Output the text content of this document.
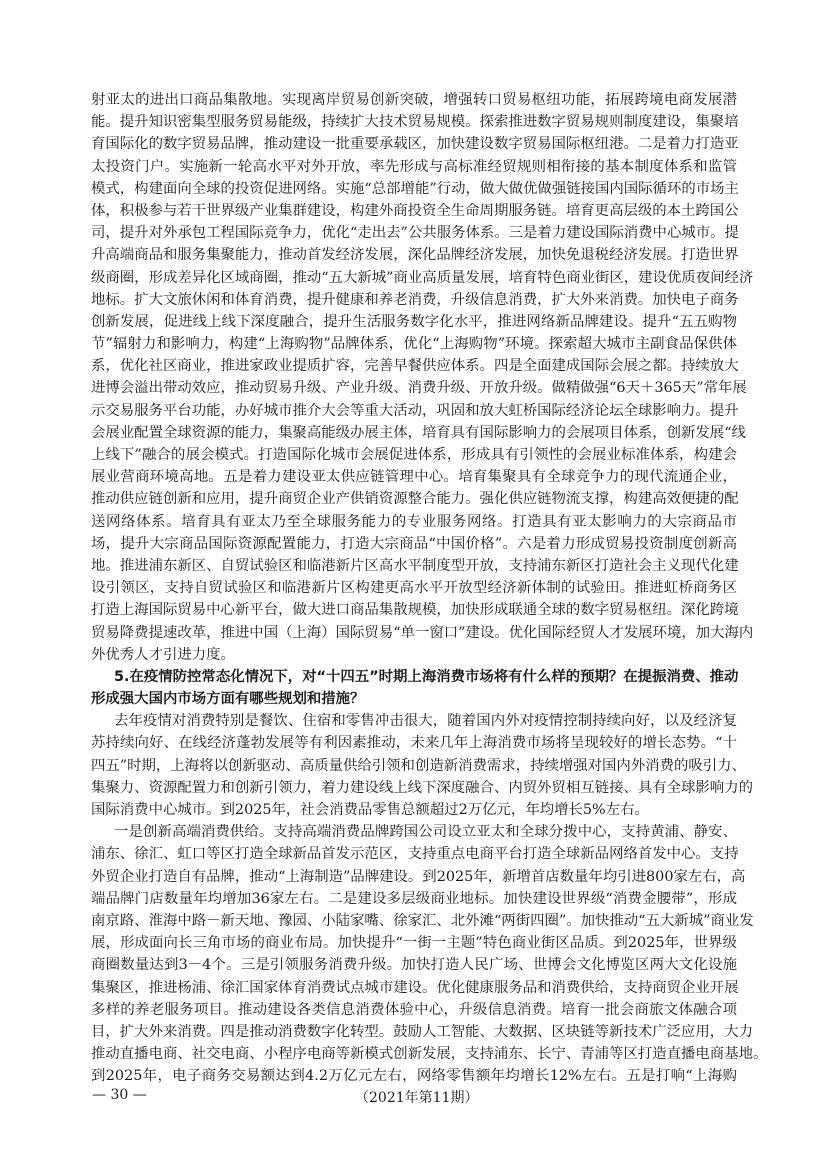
射亚太的进出口商品集散地。实现离岸贸易创新突破，增强转口贸易枢纽功能，拓展跨境电商发展潜
能。提升知识密集型服务贸易能级，持续扩大技术贸易规模。探索推进数字贸易规则制度建设，集聚培
育国际化的数字贸易品牌，推动建设一批重要承载区，加快建设数字贸易国际枢纽港。二是着力打造亚
太投资门户。实施新一轮高水平对外开放，率先形成与高标准经贸规则相衔接的基本制度体系和监管
模式，构建面向全球的投资促进网络。实施“总部增能”行动，做大做优做强链接国内国际循环的市场主
体，积极参与若干世界级产业集群建设，构建外商投资全生命周期服务链。培育更高层级的本土跨国公
司，提升对外承包工程国际竞争力，优化“走出去”公共服务体系。三是着力建设国际消费中心城市。提
升高端商品和服务集聚能力，推动首发经济发展，深化品牌经济发展，加快免退税经济发展。打造世界
级商圈，形成差异化区域商圈，推动“五大新城”商业高质量发展，培育特色商业街区，建设优质夜间经济
地标。扩大文旅休闲和体育消费，提升健康和养老消费，升级信息消费，扩大外来消费。加快电子商务
创新发展，促进线上线下深度融合，提升生活服务数字化水平，推进网络新品牌建设。提升“五五购物
节”辐射力和影响力，构建“上海购物”品牌体系，优化“上海购物”环境。探索超大城市主副食品保供体
系，优化社区商业，推进家政业提质扩容，完善早餐供应体系。四是全面建成国际会展之都。持续放大
进博会溢出带动效应，推动贸易升级、产业升级、消费升级、开放升级。做精做强“6天＋365天”常年展
示交易服务平台功能，办好城市推介大会等重大活动，巩固和放大虹桥国际经济论坛全球影响力。提升
会展业配置全球资源的能力，集聚高能级办展主体，培育具有国际影响力的会展项目体系，创新发展“线
上线下”融合的展会模式。打造国际化城市会展促进体系，形成具有引领性的会展业标准体系，构建会
展业营商环境高地。五是着力建设亚太供应链管理中心。培育集聚具有全球竞争力的现代流通企业，
推动供应链创新和应用，提升商贸企业产供销资源整合能力。强化供应链物流支撑，构建高效便捷的配
送网络体系。培育具有亚太乃至全球服务能力的专业服务网络。打造具有亚太影响力的大宗商品市
场，提升大宗商品国际资源配置能力，打造大宗商品“中国价格”。六是着力形成贸易投资制度创新高
地。推进浦东新区、自贸试验区和临港新片区高水平制度型开放，支持浦东新区打造社会主义现代化建
设引领区，支持自贸试验区和临港新片区构建更高水平开放型经济新体制的试验田。推进虹桥商务区
打造上海国际贸易中心新平台，做大进口商品集散规模，加快形成联通全球的数字贸易枢纽。深化跨境
贸易降费提速改革，推进中国（上海）国际贸易“单一窗口”建设。优化国际经贸人才发展环境，加大海内
外优秀人才引进力度。
5.在疫情防控常态化情况下，对“十四五”时期上海消费市场将有什么样的预期？在提振消费、推动
形成强大国内市场方面有哪些规划和措施？
去年疫情对消费特别是餐饮、住宿和零售冲击很大，随着国内外对疫情控制持续向好，以及经济复
苏持续向好、在线经济蓬勃发展等有利因素推动，未来几年上海消费市场将呈现较好的增长态势。“十
四五”时期，上海将以创新驱动、高质量供给引领和创造新消费需求，持续增强对国内外消费的吸引力、
集聚力、资源配置力和创新引领力，着力建设线上线下深度融合、内贸外贸相互链接、具有全球影响力的
国际消费中心城市。到2025年，社会消费品零售总额超过2万亿元，年均增长5%左右。
一是创新高端消费供给。支持高端消费品牌跨国公司设立亚太和全球分拨中心，支持黄浦、静安、
浦东、徐汇、虹口等区打造全球新品首发示范区，支持重点电商平台打造全球新品网络首发中心。支持
外贸企业打造自有品牌，推动“上海制造”品牌建设。到2025年，新增首店数量年均引进800家左右，高
端品牌门店数量年均增加36家左右。二是建设多层级商业地标。加快建设世界级“消费金腰带”，形成
南京路、淮海中路－新天地、豫园、小陆家嘴、徐家汇、北外滩“两街四圈”。加快推动“五大新城”商业发
展，形成面向长三角市场的商业布局。加快提升“一街一主题”特色商业街区品质。到2025年，世界级
商圈数量达到3－4个。三是引领服务消费升级。加快打造人民广场、世博会文化博览区两大文化设施
集聚区，推进杨浦、徐汇国家体育消费试点城市建设。优化健康服务品和消费供给，支持商贸企业开展
多样的养老服务项目。推动建设各类信息消费体验中心，升级信息消费。培育一批会商旅文体融合项
目，扩大外来消费。四是推动消费数字化转型。鼓励人工智能、大数据、区块链等新技术广泛应用，大力
推动直播电商、社交电商、小程序电商等新模式创新发展，支持浦东、长宁、青浦等区打造直播电商基地。
到2025年，电子商务交易额达到4.2万亿元左右，网络零售额年均增长12%左右。五是打响“上海购
— 30 —	（2021年第11期）
